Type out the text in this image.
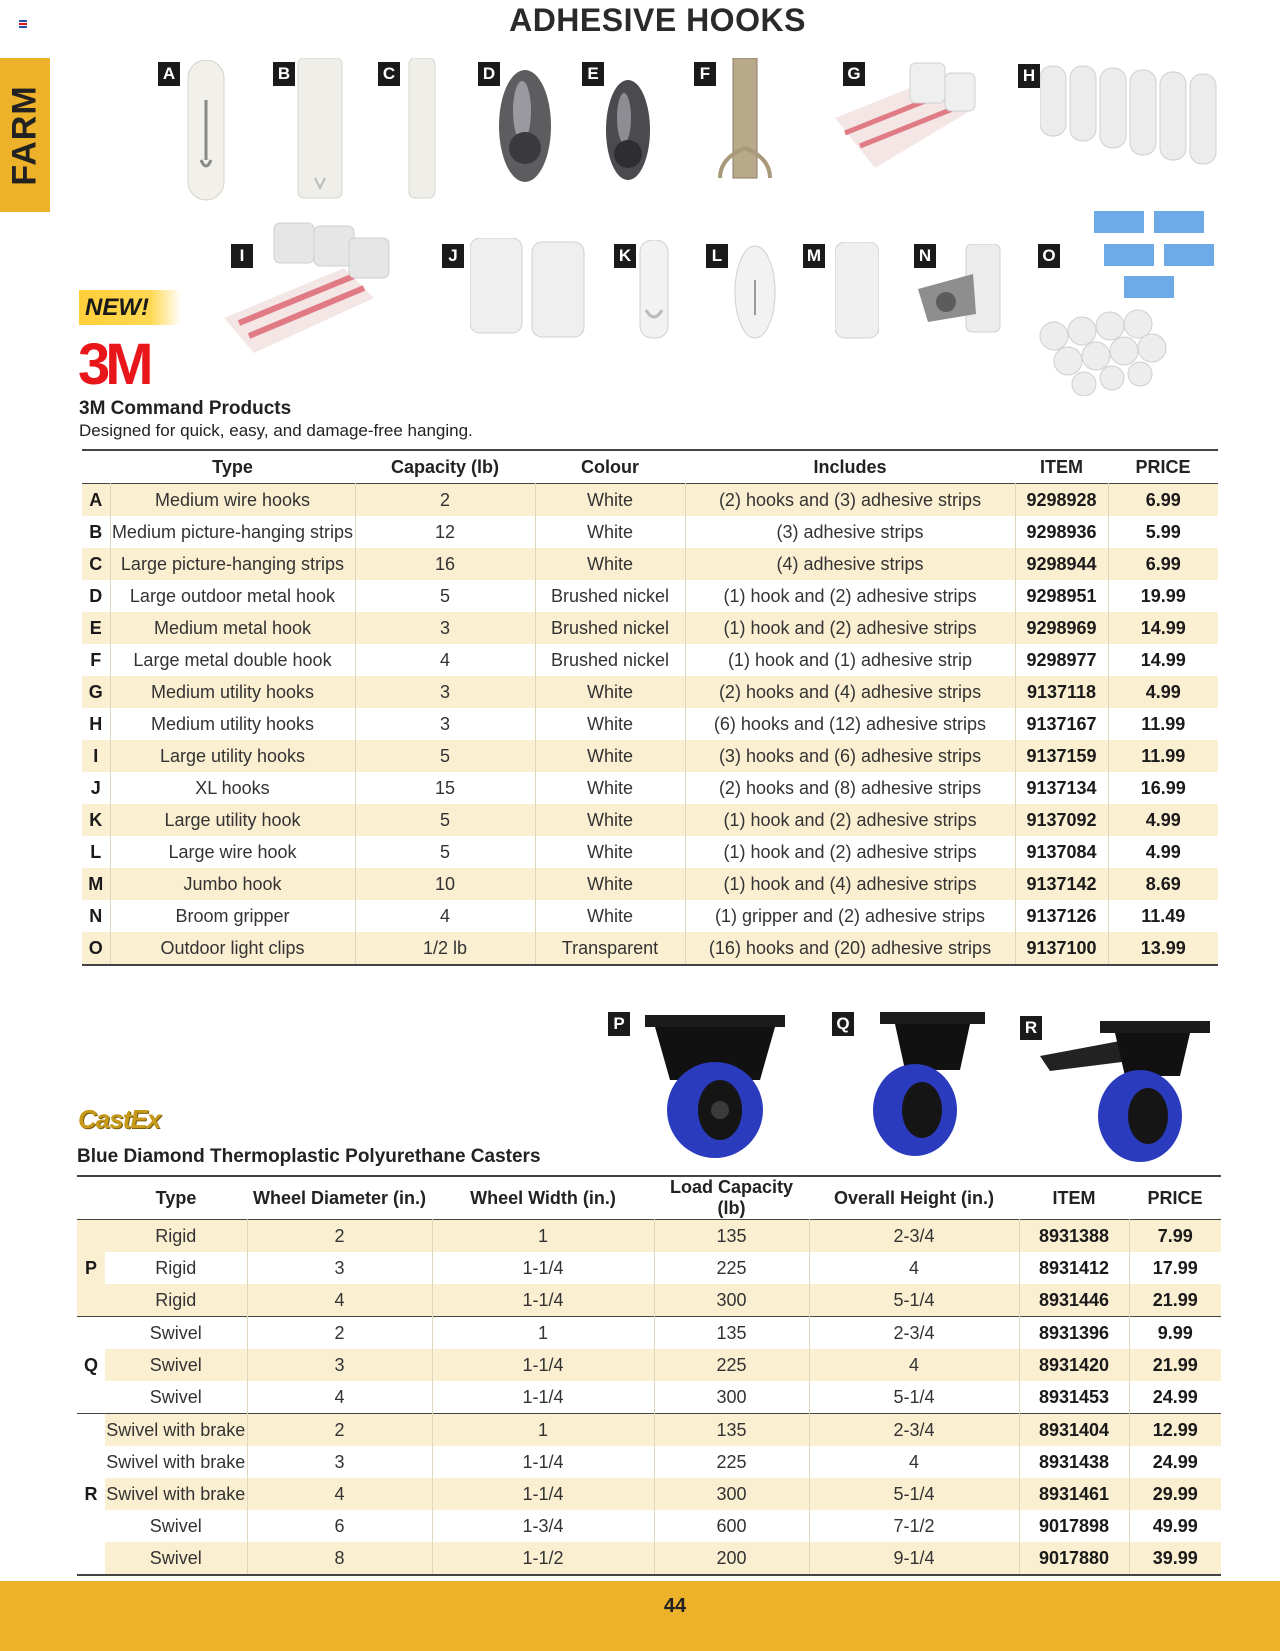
FARM
ADHESIVE HOOKS
A	B	C	D	E	F	G	H
I	J	K	L	M	N	O
NEW!
3M
3M Command Products
Designed for quick, easy, and damage-free hanging.
	Type	Capacity (lb)	Colour	Includes	ITEM	PRICE
A	Medium wire hooks	2	White	(2) hooks and (3) adhesive strips	9298928	6.99
B	Medium picture-hanging strips	12	White	(3) adhesive strips	9298936	5.99
C	Large picture-hanging strips	16	White	(4) adhesive strips	9298944	6.99
D	Large outdoor metal hook	5	Brushed nickel	(1) hook and (2) adhesive strips	9298951	19.99
E	Medium metal hook	3	Brushed nickel	(1) hook and (2) adhesive strips	9298969	14.99
F	Large metal double hook	4	Brushed nickel	(1) hook and (1) adhesive strip	9298977	14.99
G	Medium utility hooks	3	White	(2) hooks and (4) adhesive strips	9137118	4.99
H	Medium utility hooks	3	White	(6) hooks and (12) adhesive strips	9137167	11.99
I	Large utility hooks	5	White	(3) hooks and (6) adhesive strips	9137159	11.99
J	XL hooks	15	White	(2) hooks and (8) adhesive strips	9137134	16.99
K	Large utility hook	5	White	(1) hook and (2) adhesive strips	9137092	4.99
L	Large wire hook	5	White	(1) hook and (2) adhesive strips	9137084	4.99
M	Jumbo hook	10	White	(1) hook and (4) adhesive strips	9137142	8.69
N	Broom gripper	4	White	(1) gripper and (2) adhesive strips	9137126	11.49
O	Outdoor light clips	1/2 lb	Transparent	(16) hooks and (20) adhesive strips	9137100	13.99
P	Q	R
CastEx
Blue Diamond Thermoplastic Polyurethane Casters
	Type	Wheel Diameter (in.)	Wheel Width (in.)	Load Capacity (lb)	Overall Height (in.)	ITEM	PRICE
P	Rigid	2	1	135	2-3/4	8931388	7.99
	Rigid	3	1-1/4	225	4	8931412	17.99
	Rigid	4	1-1/4	300	5-1/4	8931446	21.99
Q	Swivel	2	1	135	2-3/4	8931396	9.99
	Swivel	3	1-1/4	225	4	8931420	21.99
	Swivel	4	1-1/4	300	5-1/4	8931453	24.99
R	Swivel with brake	2	1	135	2-3/4	8931404	12.99
	Swivel with brake	3	1-1/4	225	4	8931438	24.99
	Swivel with brake	4	1-1/4	300	5-1/4	8931461	29.99
	Swivel	6	1-3/4	600	7-1/2	9017898	49.99
	Swivel	8	1-1/2	200	9-1/4	9017880	39.99
44
